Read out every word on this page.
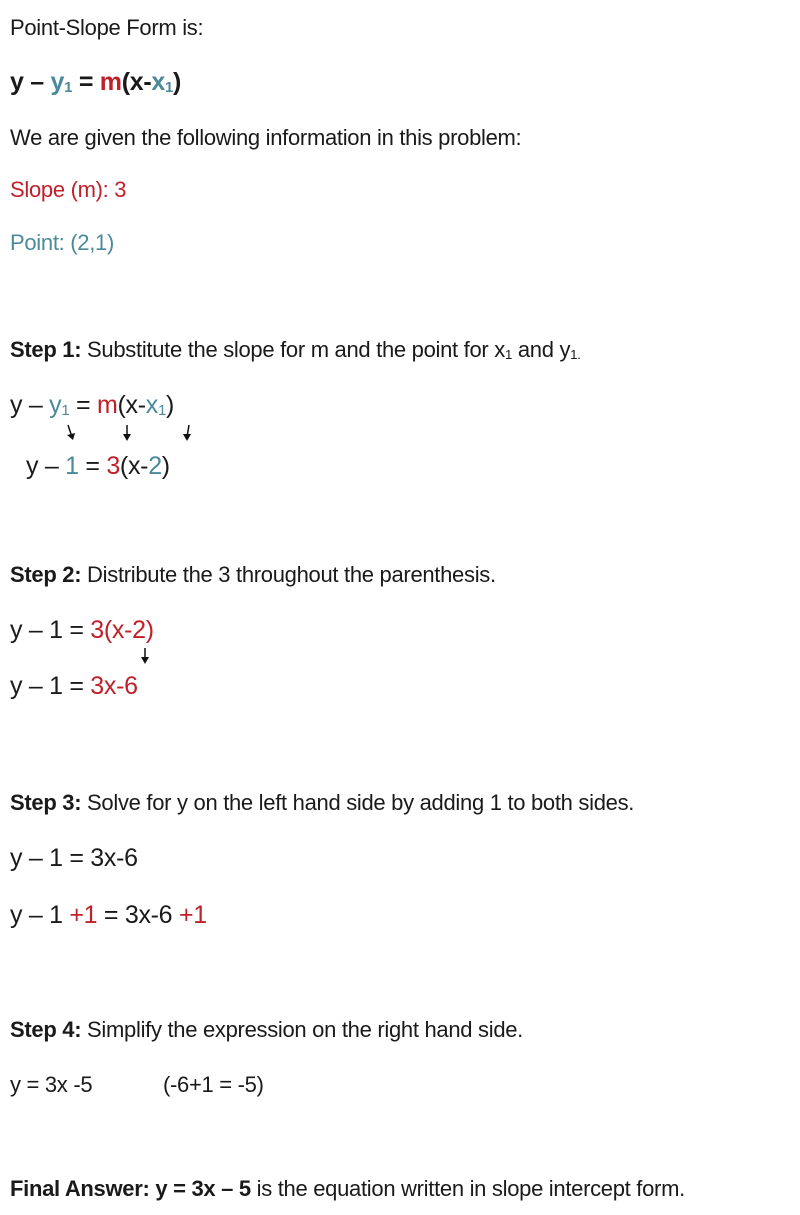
Point-Slope Form is:
$y - y_1 = m(x-x_1)$
We are given the following information in this problem:
Slope (m): 3
Point: (2,1)
Step 1: Substitute the slope for m and the point for $x_1$ and $y_{1.}$
$y - y_1 = m(x-x_1)$
y – 1 = 3(x-2)
Step 2: Distribute the 3 throughout the parenthesis.
y – 1 = 3(x-2)
y – 1 = 3x-6
Step 3: Solve for y on the left hand side by adding 1 to both sides.
y – 1 = 3x-6
y – 1 +1 = 3x-6 +1
Step 4: Simplify the expression on the right hand side.
y = 3x -5	(-6+1 = -5)
Final Answer: y = 3x – 5 is the equation written in slope intercept form.
